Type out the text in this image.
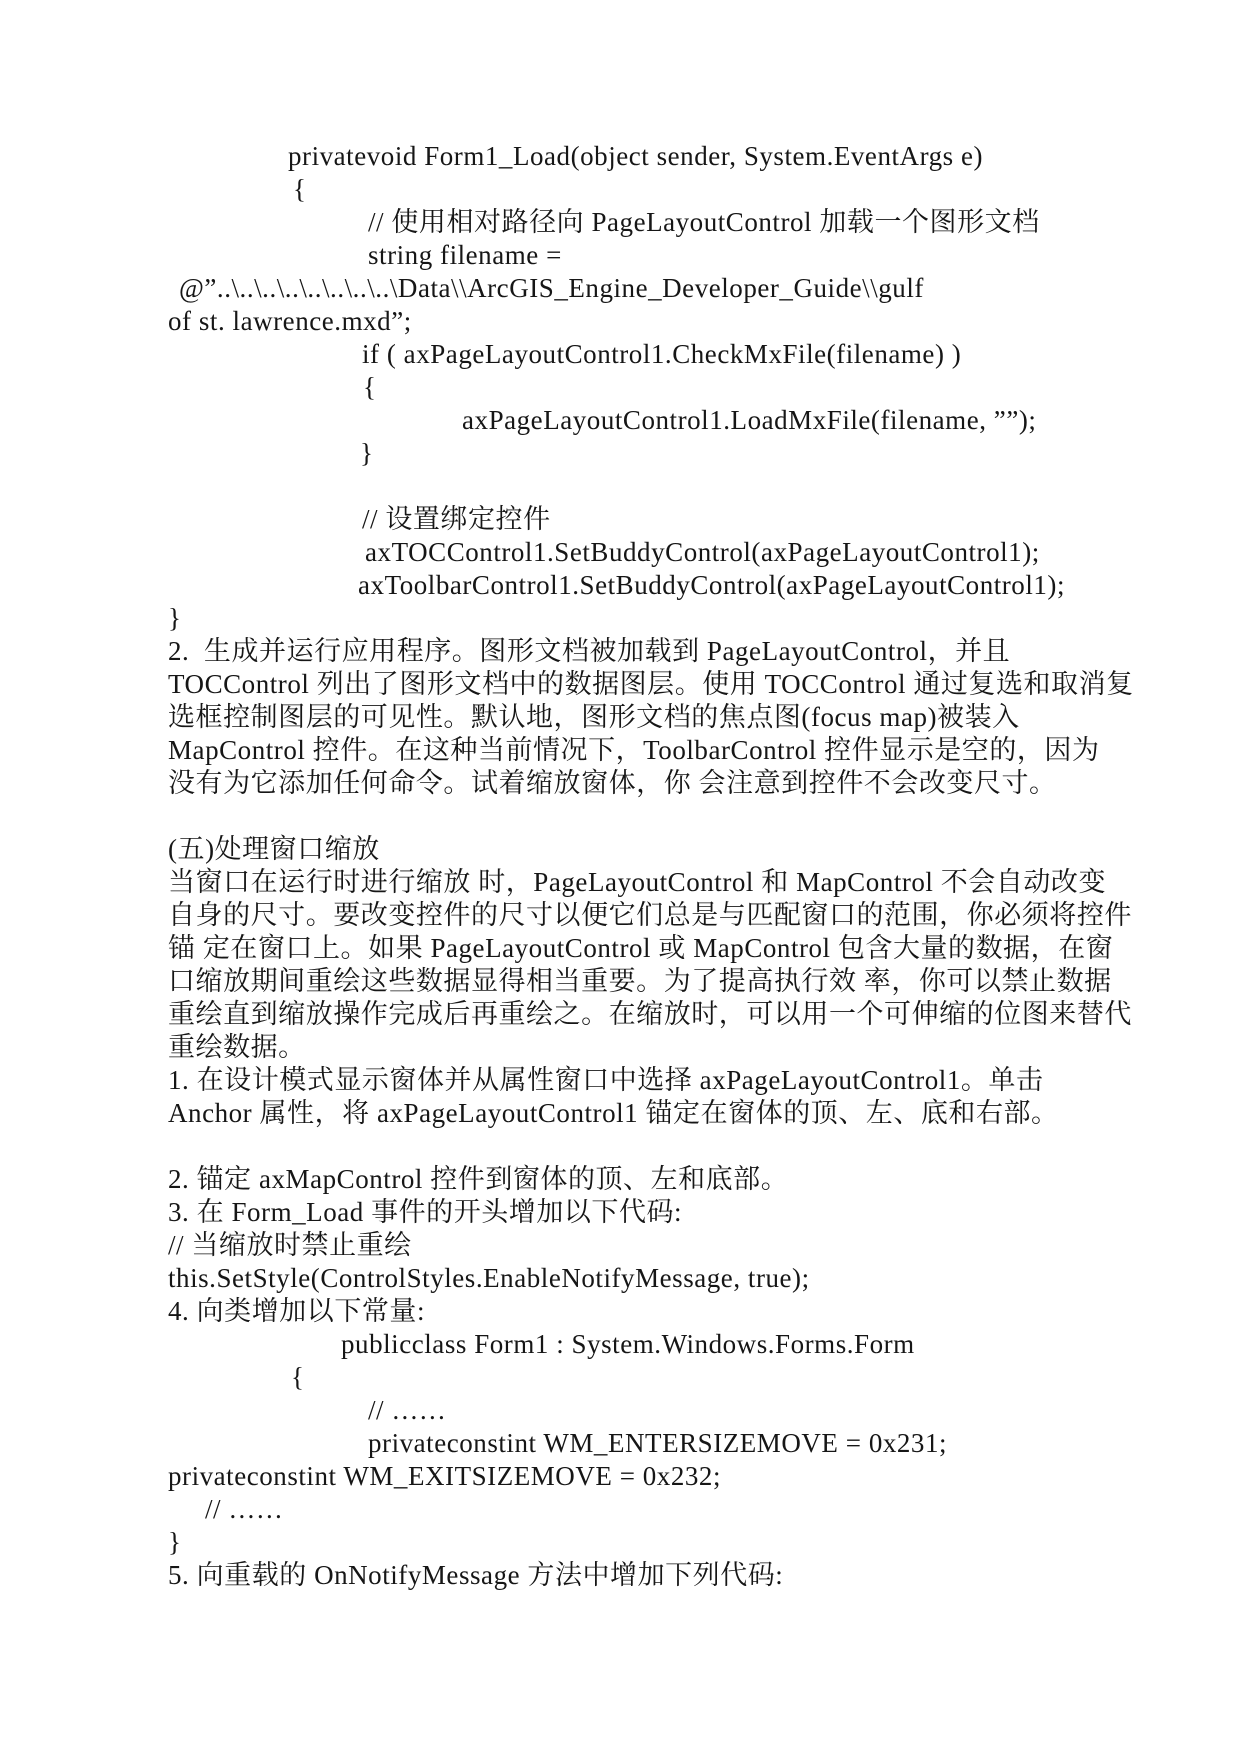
privatevoid Form1_Load(object sender, System.EventArgs e)
{
// 使用相对路径向 PageLayoutControl 加载一个图形文档
string filename =
@”..\..\..\..\..\..\..\..\Data\\ArcGIS_Engine_Developer_Guide\\gulf
of st. lawrence.mxd”;
if ( axPageLayoutControl1.CheckMxFile(filename) )
{
axPageLayoutControl1.LoadMxFile(filename, ””);
}
// 设置绑定控件
axTOCControl1.SetBuddyControl(axPageLayoutControl1);
axToolbarControl1.SetBuddyControl(axPageLayoutControl1);
}
2.  生成并运行应用程序。图形文档被加载到 PageLayoutControl，并且
TOCControl 列出了图形文档中的数据图层。使用 TOCControl 通过复选和取消复
选框控制图层的可见性。默认地，图形文档的焦点图(focus map)被装入
MapControl 控件。在这种当前情况下，ToolbarControl 控件显示是空的，因为
没有为它添加任何命令。试着缩放窗体，你 会注意到控件不会改变尺寸。
(五)处理窗口缩放
当窗口在运行时进行缩放 时，PageLayoutControl 和 MapControl 不会自动改变
自身的尺寸。要改变控件的尺寸以便它们总是与匹配窗口的范围，你必须将控件
锚 定在窗口上。如果 PageLayoutControl 或 MapControl 包含大量的数据，在窗
口缩放期间重绘这些数据显得相当重要。为了提高执行效 率，你可以禁止数据
重绘直到缩放操作完成后再重绘之。在缩放时，可以用一个可伸缩的位图来替代
重绘数据。
1. 在设计模式显示窗体并从属性窗口中选择 axPageLayoutControl1。单击
Anchor 属性，将 axPageLayoutControl1 锚定在窗体的顶、左、底和右部。
2. 锚定 axMapControl 控件到窗体的顶、左和底部。
3. 在 Form_Load 事件的开头增加以下代码:
// 当缩放时禁止重绘
this.SetStyle(ControlStyles.EnableNotifyMessage, true);
4. 向类增加以下常量:
publicclass Form1 : System.Windows.Forms.Form
{
// ……
privateconstint WM_ENTERSIZEMOVE = 0x231;
privateconstint WM_EXITSIZEMOVE = 0x232;
// ……
}
5. 向重载的 OnNotifyMessage 方法中增加下列代码:
